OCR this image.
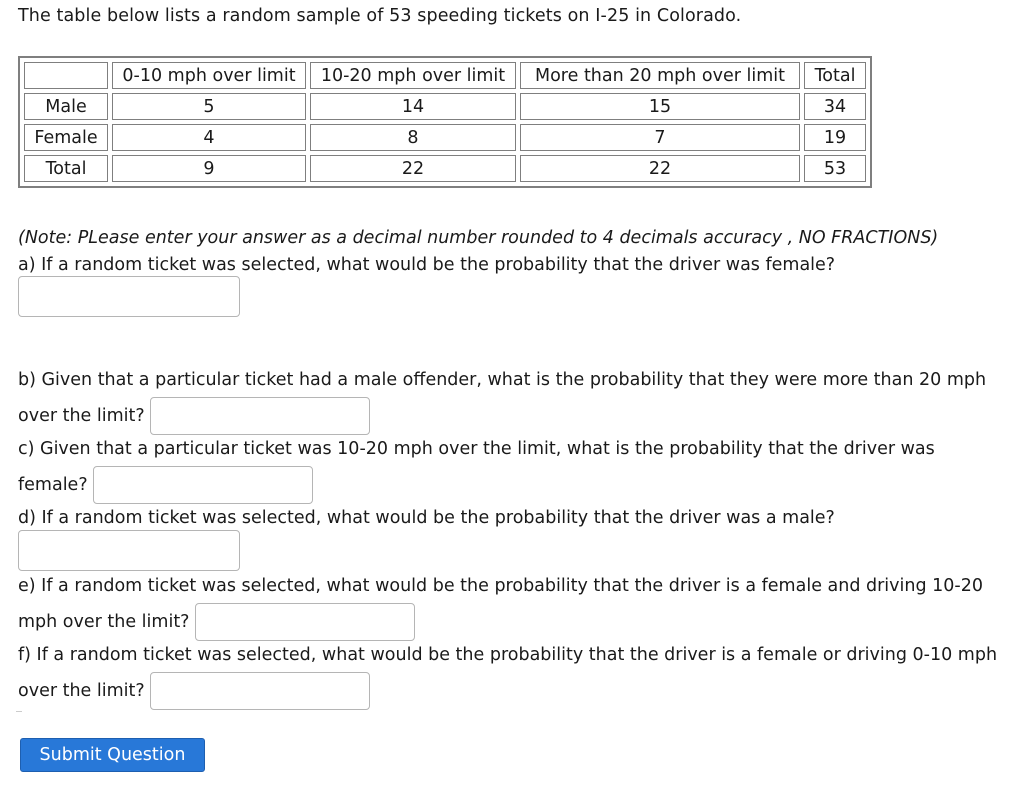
The table below lists a random sample of 53 speeding tickets on I-25 in Colorado.
	0-10 mph over limit	10-20 mph over limit	More than 20 mph over limit	Total
Male	5	14	15	34
Female	4	8	7	19
Total	9	22	22	53
(Note: PLease enter your answer as a decimal number rounded to 4 decimals accuracy , NO FRACTIONS)
a) If a random ticket was selected, what would be the probability that the driver was female?
b) Given that a particular ticket had a male offender, what is the probability that they were more than 20 mph over the limit?
c) Given that a particular ticket was 10-20 mph over the limit, what is the probability that the driver was female?
d) If a random ticket was selected, what would be the probability that the driver was a male?
e) If a random ticket was selected, what would be the probability that the driver is a female and driving 10-20 mph over the limit?
f) If a random ticket was selected, what would be the probability that the driver is a female or driving 0-10 mph over the limit?
Submit Question
